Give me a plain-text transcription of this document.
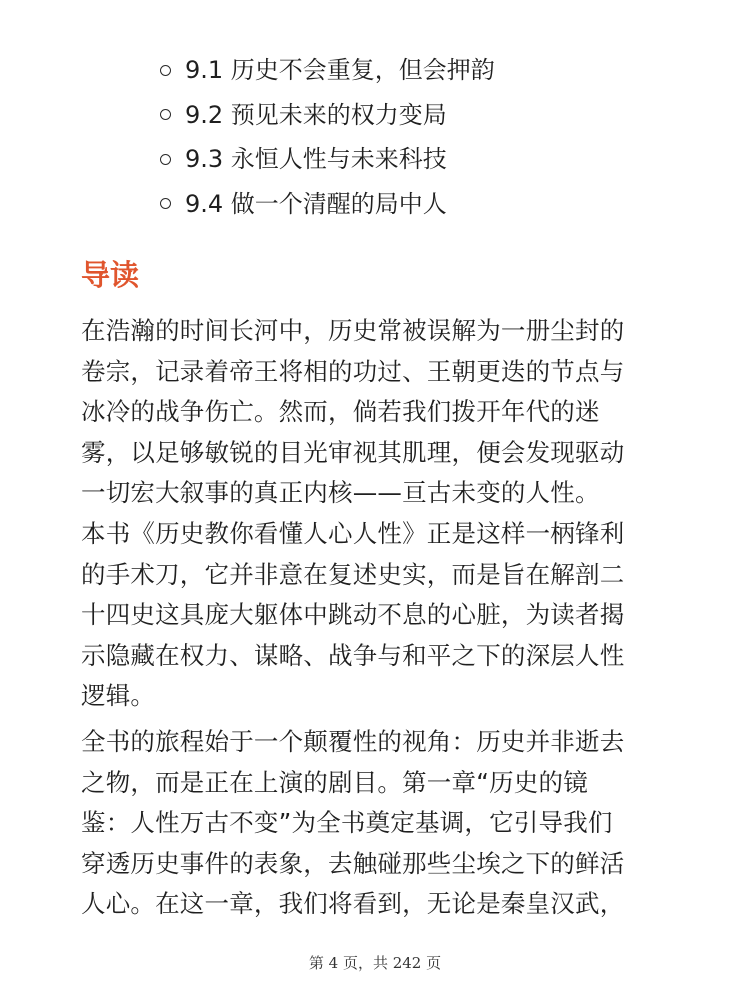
9.1 历史不会重复，但会押韵
9.2 预见未来的权力变局
9.3 永恒人性与未来科技
9.4 做一个清醒的局中人
导读

在浩瀚的时间长河中，历史常被误解为一册尘封的
卷宗，记录着帝王将相的功过、王朝更迭的节点与
冰冷的战争伤亡。然而，倘若我们拨开年代的迷
雾，以足够敏锐的目光审视其肌理，便会发现驱动
一切宏大叙事的真正内核——亘古未变的人性。
本书《历史教你看懂人心人性》正是这样一柄锋利
的手术刀，它并非意在复述史实，而是旨在解剖二
十四史这具庞大躯体中跳动不息的心脏，为读者揭
示隐藏在权力、谋略、战争与和平之下的深层人性
逻辑。

全书的旅程始于一个颠覆性的视角：历史并非逝去
之物，而是正在上演的剧目。第一章“历史的镜
鉴：人性万古不变”为全书奠定基调，它引导我们
穿透历史事件的表象，去触碰那些尘埃之下的鲜活
人心。在这一章，我们将看到，无论是秦皇汉武，

第 4 页，共 242 页
